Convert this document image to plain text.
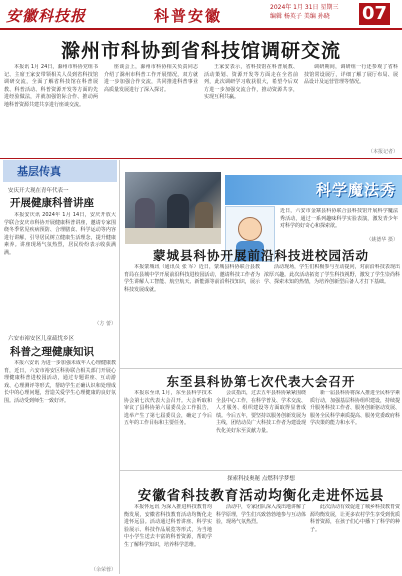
安徽科技报	科普安徽	2024年 1月 31日 星期三
编辑 杨英子 美编 孙晓	07
滁州市科协到省科技馆调研交流
本报讯 1月 24日，滁州市科协党组书记、主席王家安带领相关人员到省科技馆调研交流，全面了解省科技馆在科普展教、科普活动、科普资源开发等方面的先进经验做法，并就加强馆际合作、推动两地科普资源共建共享进行座谈交流。
座谈会上，滁州市科协相关负责同志介绍了滁州市科普工作开展情况，双方就进一步加强合作交流，共同推进科普事业高质量发展进行了深入探讨。
王家安表示，省科技馆在科普展教、活动策划、资源开发等方面走在全省前列，此次调研学习收获很大，希望今后双方进一步加强交流合作，推动资源共享，实现互利共赢。
调研期间，调研组一行还参观了省科技馆常设展厅，详细了解了展厅布局、展品设计及运营管理等情况。
（本报记者）
基层传真
安庆开大现在青年代表一
开展健康科普讲座
本报安庆讯 2024年 1月 14日，安庆开放大学联合安庆市科协开展健康科普讲座，邀请专家围绕冬季常见疾病预防、合理膳食、科学运动等内容进行讲解，引导居民树立健康生活理念，提升健康素养。讲座现场气氛热烈，居民纷纷表示收获满满。
（方 蕾）
六安市裕安区儿童疏忧乡区
科普之理健康知识
本报六安讯 为进一步加强未成年人心理健康教育，近日，六安市裕安区科协联合相关部门开展心理健康科普进校园活动，通过专题讲座、互动游戏、心理测评等形式，帮助学生正确认识和处理成长中的心理问题，营造关爱学生心理健康的良好氛围。活动受到师生一致好评。
（余荣蓉）
科学魔法秀
近日，六安市金寨县科协联合县科技馆开展科学魔法秀活动，通过一系列趣味科学实验表演，激发青少年对科学的好奇心和探索欲。
（姚德华 摄）
蒙城县科协开展前沿科技进校园活动
本报蒙城讯（通讯员 张 军）近日，蒙城县科协联合县教育局在县城中学开展前沿科技进校园活动，邀请科技工作者为学生讲解人工智能、航空航天、新能源等前沿科技知识，展示科技发展成就。
活动现场，学生们积极参与互动提问，对前沿科技表现出浓厚兴趣。此次活动拓宽了学生科技视野，激发了学生崇尚科学、探索未知的热情，为培养创新型后备人才打下基础。
东至县科协第七次代表大会召开
本报东至讯 1月，东至县科学技术协会第七次代表大会召开。大会听取和审议了县科协第六届委员会工作报告，选举产生了第七届委员会，确定了今后五年的工作目标和主要任务。
会议指出，过去五年县科协紧紧围绕全县中心工作，在科学普及、学术交流、人才服务、组织建设等方面取得显著成绩。今后五年，要坚持以服务创新发展为主线，团结动员广大科技工作者为建设现代化美好东至贡献力量。
新一届县科协将深入推进全民科学素质行动，加强基层科协组织建设，持续提升服务科技工作者、服务创新驱动发展、服务全民科学素质提高、服务党委政府科学决策的能力和水平。
探索科技奥秘 点燃科学梦想
安徽省科技教育活动均衡化走进怀远县
本报怀远讯 为深入推进科技教育均衡发展，安徽省科技教育活动均衡化走进怀远县。活动通过科普讲座、科学实验展示、科技作品展览等形式，为当地中小学生送去丰富的科普资源，帮助学生了解科学知识，培养科学思维。
活动中，专家团队深入浅出地讲解了科学原理，学生们兴致勃勃地参与互动体验，现场气氛热烈。
此次活动有效促进了城乡科技教育资源均衡发展，让更多农村学生享受到优质科普资源，在孩子们心中播下了科学的种子。
